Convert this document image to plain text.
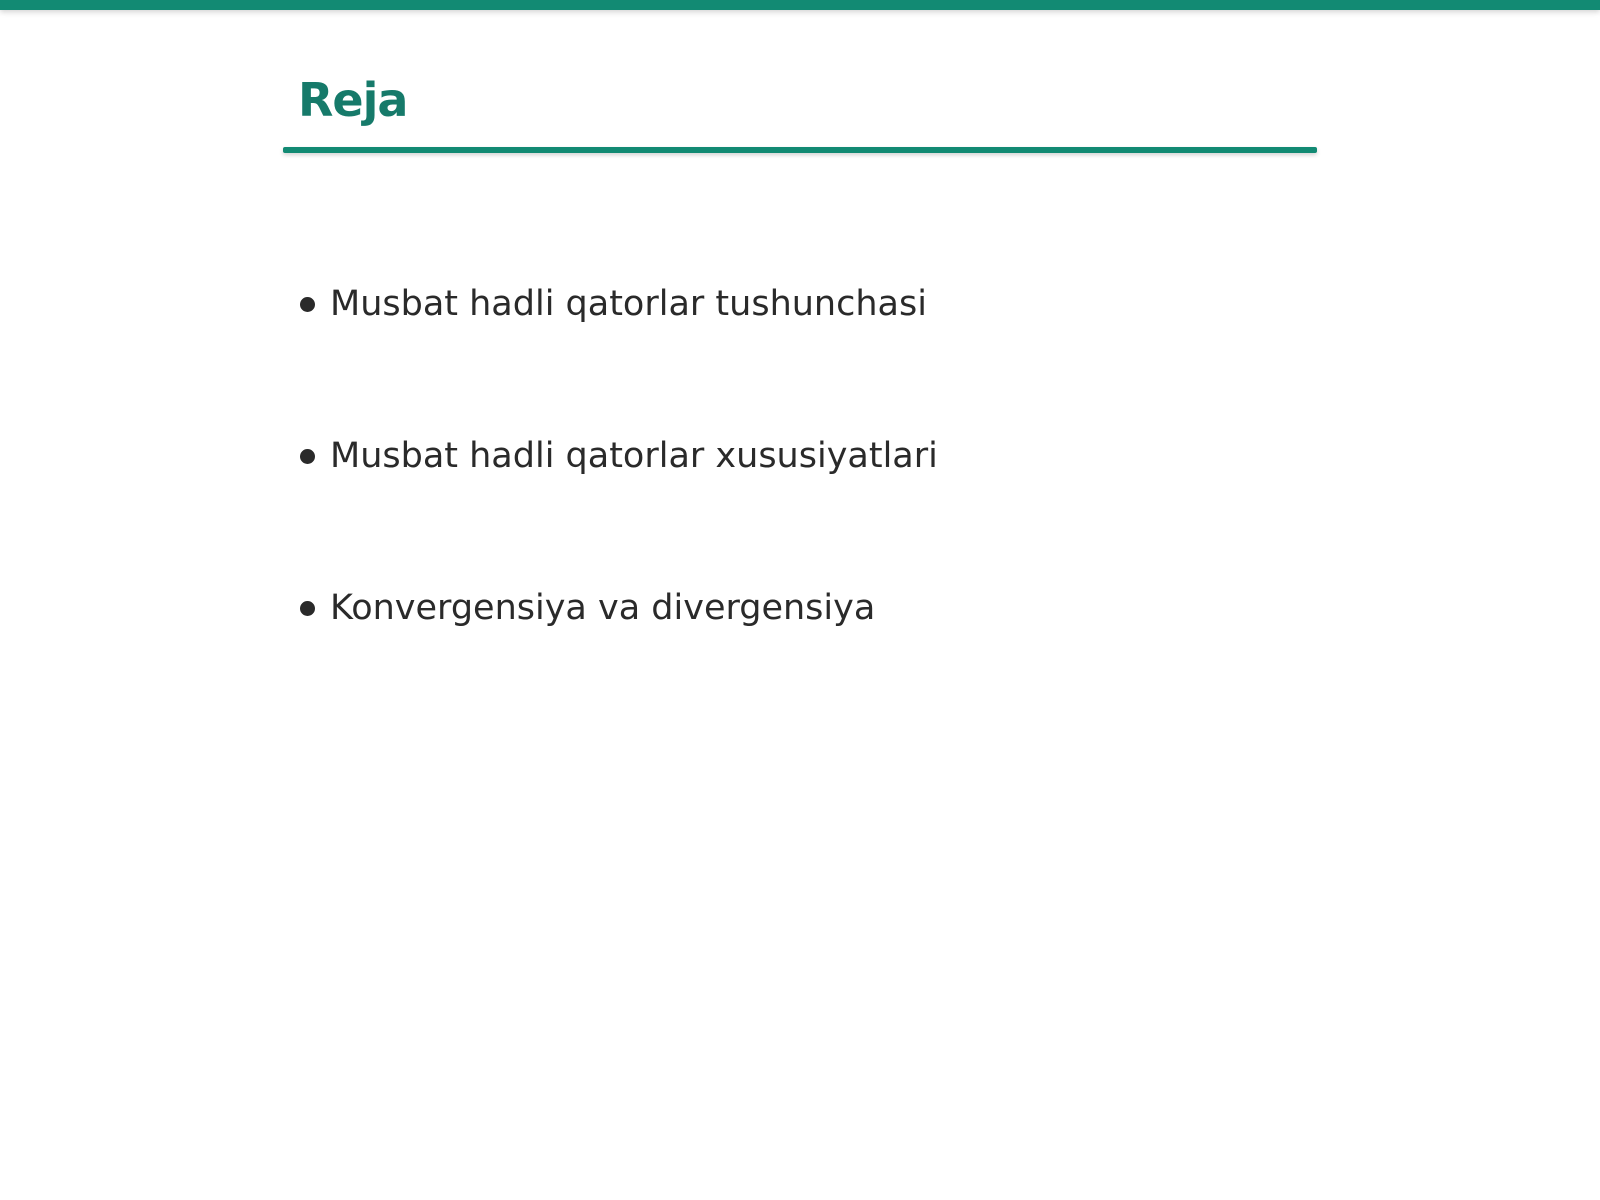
Reja
Musbat hadli qatorlar tushunchasi
Musbat hadli qatorlar xususiyatlari
Konvergensiya va divergensiya
